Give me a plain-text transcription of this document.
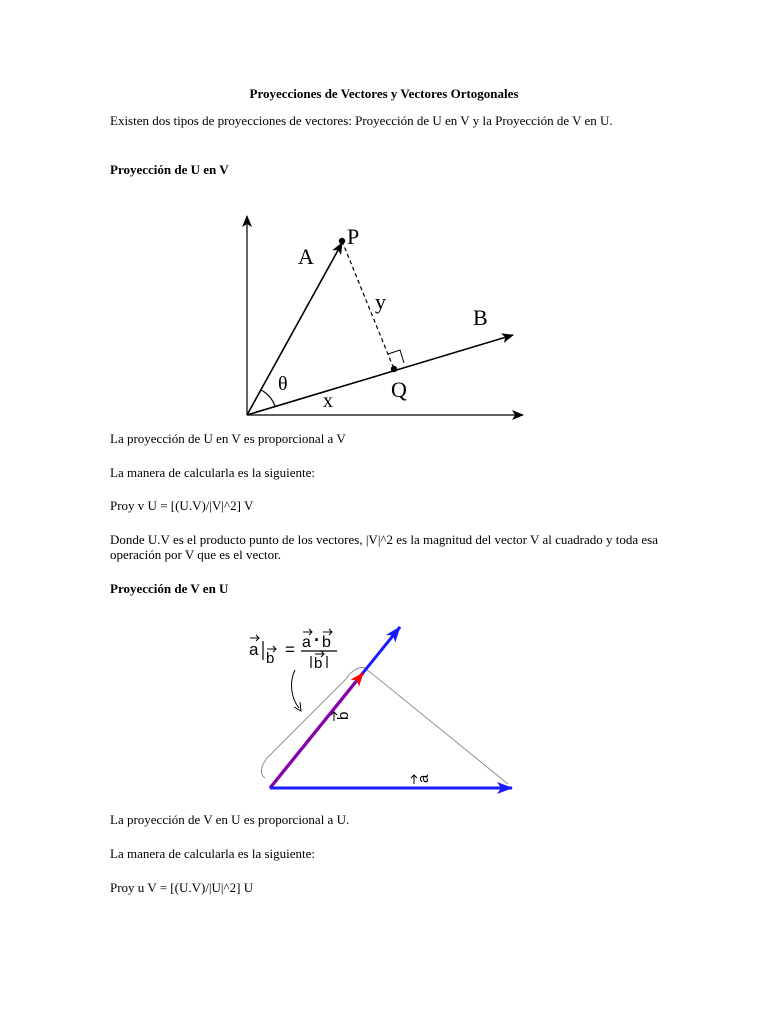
Proyecciones de Vectores y Vectores Ortogonales
Existen dos tipos de proyecciones de vectores: Proyección de U en V y la Proyección de V en U.
Proyección de U en V
A
P
y
B
θ	Q
x
La proyección de U en V es proporcional a V
La manera de calcularla es la siguiente:
Proy v U = [(U.V)/|V|^2] V
Donde U.V es el producto punto de los vectores, |V|^2 es la magnitud del vector V al cuadrado y toda esa operación por V que es el vector.
Proyección de V en U
a b = a · b
b
b
a
La proyección de V en U es proporcional a U.
La manera de calcularla es la siguiente:
Proy u V = [(U.V)/|U|^2] U
